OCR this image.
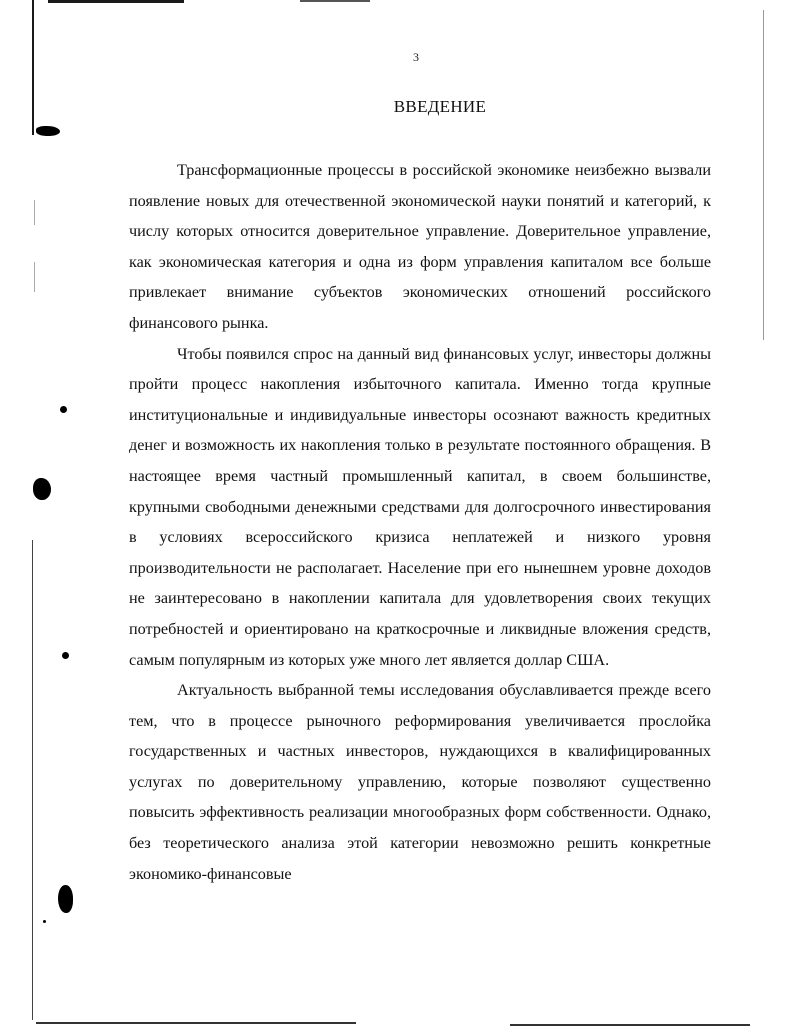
3
ВВЕДЕНИЕ

Трансформационные процессы в российской экономике неизбежно вызвали появление новых для отечественной экономической науки понятий и категорий, к числу которых относится доверительное управление. Доверительное управление, как экономическая категория и одна из форм управления капиталом все больше привлекает внимание субъектов экономических отношений российского финансового рынка.

Чтобы появился спрос на данный вид финансовых услуг, инвесторы должны пройти процесс накопления избыточного капитала. Именно тогда крупные институциональные и индивидуальные инвесторы осознают важность кредитных денег и возможность их накопления только в результате постоянного обращения. В настоящее время частный промышленный капитал, в своем большинстве, крупными свободными денежными средствами для долгосрочного инвестирования в условиях всероссийского кризиса неплатежей и низкого уровня производительности не располагает. Население при его нынешнем уровне доходов не заинтересовано в накоплении капитала для удовлетворения своих текущих потребностей и ориентировано на краткосрочные и ликвидные вложения средств, самым популярным из которых уже много лет является доллар США.

Актуальность выбранной темы исследования обуславливается прежде всего тем, что в процессе рыночного реформирования увеличивается прослойка государственных и частных инвесторов, нуждающихся в квалифицированных услугах по доверительному управлению, которые позволяют существенно повысить эффективность реализации многообразных форм собственности. Однако, без теоретического анализа этой категории невозможно решить конкретные экономико-финансовые
